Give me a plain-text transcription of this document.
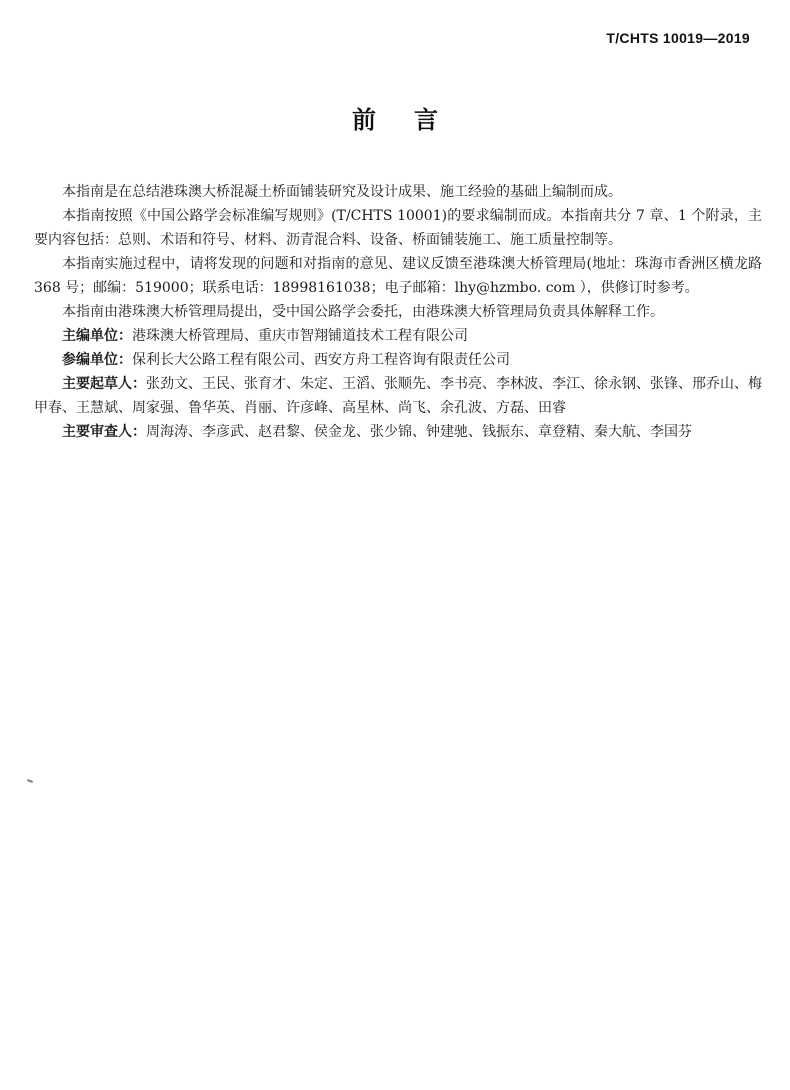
T/CHTS 10019—2019
前言

本指南是在总结港珠澳大桥混凝土桥面铺装研究及设计成果、施工经验的基础上编制而成。

本指南按照《中国公路学会标准编写规则》(T/CHTS 10001)的要求编制而成。本指南共分 7 章、1 个附录，主要内容包括：总则、术语和符号、材料、沥青混合料、设备、桥面铺装施工、施工质量控制等。

本指南实施过程中，请将发现的问题和对指南的意见、建议反馈至港珠澳大桥管理局(地址：珠海市香洲区横龙路 368 号；邮编：519000；联系电话：18998161038；电子邮箱：lhy@hzmbo. com ），供修订时参考。

本指南由港珠澳大桥管理局提出，受中国公路学会委托，由港珠澳大桥管理局负责具体解释工作。

主编单位：港珠澳大桥管理局、重庆市智翔铺道技术工程有限公司

参编单位：保利长大公路工程有限公司、西安方舟工程咨询有限责任公司

主要起草人：张劲文、王民、张育才、朱定、王滔、张顺先、李书亮、李林波、李江、徐永钢、张锋、邢乔山、梅甲春、王慧斌、周家强、鲁华英、肖丽、许彦峰、高星林、尚飞、余孔波、方磊、田睿

主要审查人：周海涛、李彦武、赵君黎、侯金龙、张少锦、钟建驰、钱振东、章登精、秦大航、李国芬
